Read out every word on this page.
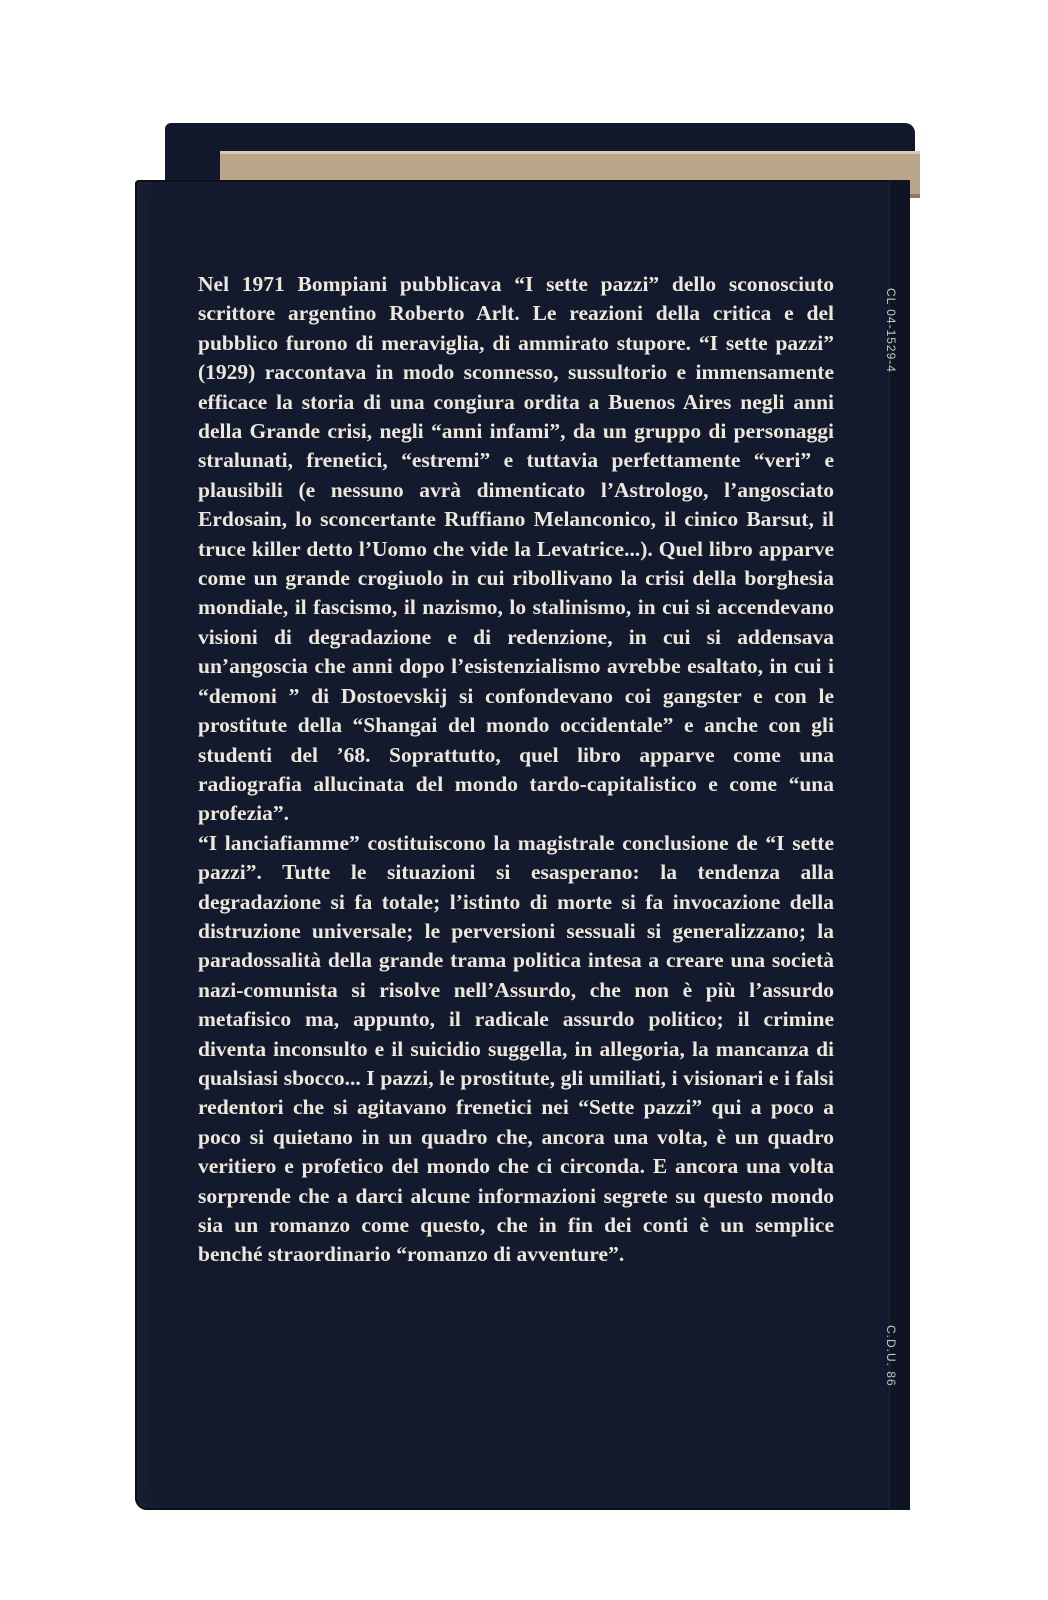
CL 04-1529-4
C.D.U. 86

Nel 1971 Bompiani pubblicava “I sette pazzi” dello sconosciuto scrittore argentino Roberto Arlt. Le reazioni della critica e del pubblico furono di meraviglia, di ammirato stupore. “I sette pazzi” (1929) raccontava in modo sconnesso, sussultorio e immensamente efficace la storia di una congiura ordita a Buenos Aires negli anni della Grande crisi, negli “anni infami”, da un gruppo di personaggi stralunati, frenetici, “estremi” e tuttavia perfettamente “veri” e plausibili (e nessuno avrà dimenticato l’Astrologo, l’angosciato Erdosain, lo sconcertante Ruffiano Melanconico, il cinico Barsut, il truce killer detto l’Uomo che vide la Levatrice...). Quel libro apparve come un grande crogiuolo in cui ribollivano la crisi della borghesia mondiale, il fascismo, il nazismo, lo stalinismo, in cui si accendevano visioni di degradazione e di redenzione, in cui si addensava un’angoscia che anni dopo l’esistenzialismo avrebbe esaltato, in cui i “demoni ” di Dostoevskij si confondevano coi gangster e con le prostitute della “Shangai del mondo occidentale” e anche con gli studenti del ’68. Soprattutto, quel libro apparve come una radiografia allucinata del mondo tardo-capitalistico e come “una profezia”.

“I lanciafiamme” costituiscono la magistrale conclusione de “I sette pazzi”. Tutte le situazioni si esasperano: la tendenza alla degradazione si fa totale; l’istinto di morte si fa invocazione della distruzione universale; le perversioni sessuali si generalizzano; la paradossalità della grande trama politica intesa a creare una società nazi-comunista si risolve nell’Assurdo, che non è più l’assurdo metafisico ma, appunto, il radicale assurdo politico; il crimine diventa inconsulto e il suicidio suggella, in allegoria, la mancanza di qualsiasi sbocco... I pazzi, le prostitute, gli umiliati, i visionari e i falsi redentori che si agitavano frenetici nei “Sette pazzi” qui a poco a poco si quietano in un quadro che, ancora una volta, è un quadro veritiero e profetico del mondo che ci circonda. E ancora una volta sorprende che a darci alcune informazioni segrete su questo mondo sia un romanzo come questo, che in fin dei conti è un semplice benché straordinario “romanzo di avventure”.
